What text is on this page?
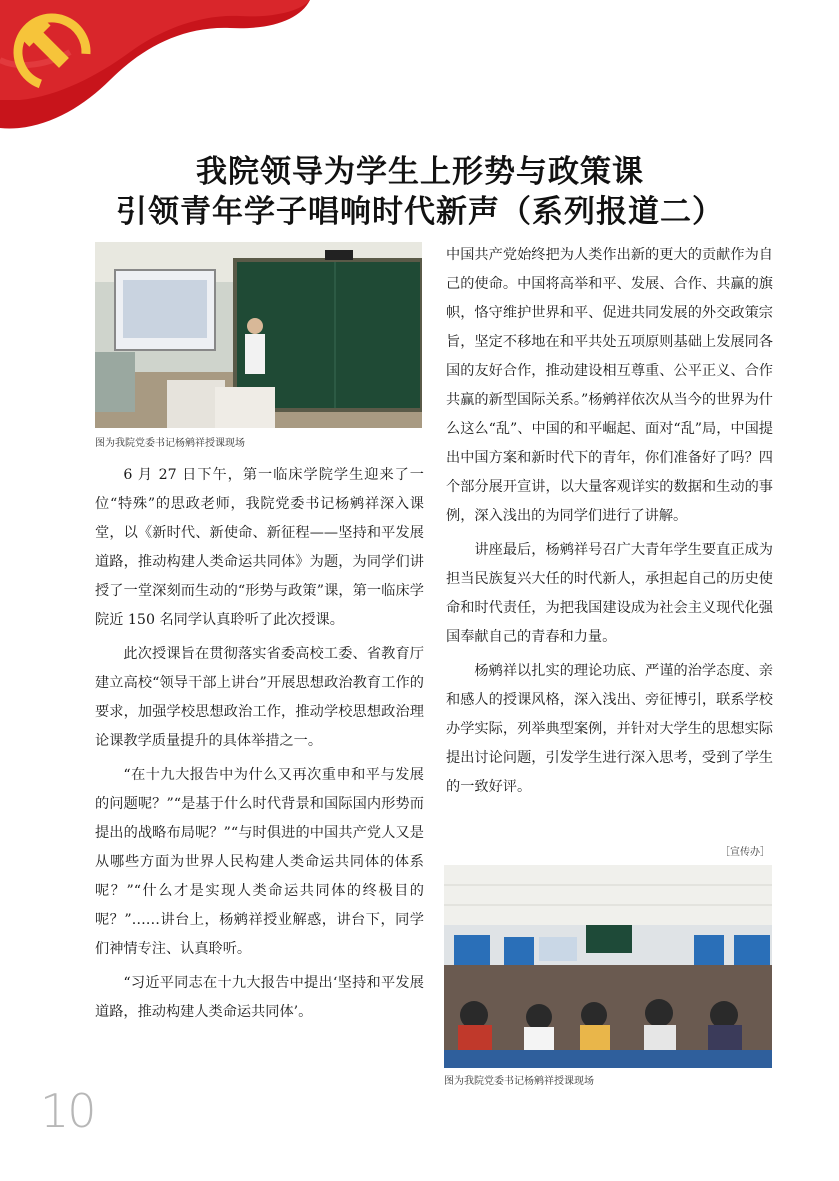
我院领导为学生上形势与政策课
引领青年学子唱响时代新声（系列报道二）
图为我院党委书记杨鹓祥授课现场

6 月 27 日下午，第一临床学院学生迎来了一位“特殊”的思政老师，我院党委书记杨鹓祥深入课堂，以《新时代、新使命、新征程——坚持和平发展道路，推动构建人类命运共同体》为题，为同学们讲授了一堂深刻而生动的“形势与政策”课，第一临床学院近 150 名同学认真聆听了此次授课。

此次授课旨在贯彻落实省委高校工委、省教育厅建立高校“领导干部上讲台”开展思想政治教育工作的要求，加强学校思想政治工作，推动学校思想政治理论课教学质量提升的具体举措之一。

“在十九大报告中为什么又再次重申和平与发展的问题呢？”“是基于什么时代背景和国际国内形势而提出的战略布局呢？”“与时俱进的中国共产党人又是从哪些方面为世界人民构建人类命运共同体的体系呢？”“什么才是实现人类命运共同体的终极目的呢？”……讲台上，杨鹓祥授业解惑，讲台下，同学们神情专注、认真聆听。

“习近平同志在十九大报告中提出‘坚持和平发展道路，推动构建人类命运共同体’。

中国共产党始终把为人类作出新的更大的贡献作为自己的使命。中国将高举和平、发展、合作、共赢的旗帜，恪守维护世界和平、促进共同发展的外交政策宗旨，坚定不移地在和平共处五项原则基础上发展同各国的友好合作，推动建设相互尊重、公平正义、合作共赢的新型国际关系。”杨鹓祥依次从当今的世界为什么这么“乱”、中国的和平崛起、面对“乱”局，中国提出中国方案和新时代下的青年，你们准备好了吗？四个部分展开宣讲，以大量客观详实的数据和生动的事例，深入浅出的为同学们进行了讲解。

讲座最后，杨鹓祥号召广大青年学生要直正成为担当民族复兴大任的时代新人，承担起自己的历史使命和时代责任，为把我国建设成为社会主义现代化强国奉献自己的青春和力量。

杨鹓祥以扎实的理论功底、严谨的治学态度、亲和感人的授课风格，深入浅出、旁征博引，联系学校办学实际，列举典型案例，并针对大学生的思想实际提出讨论问题，引发学生进行深入思考，受到了学生的一致好评。

［宣传办］
图为我院党委书记杨鹓祥授课现场
10
